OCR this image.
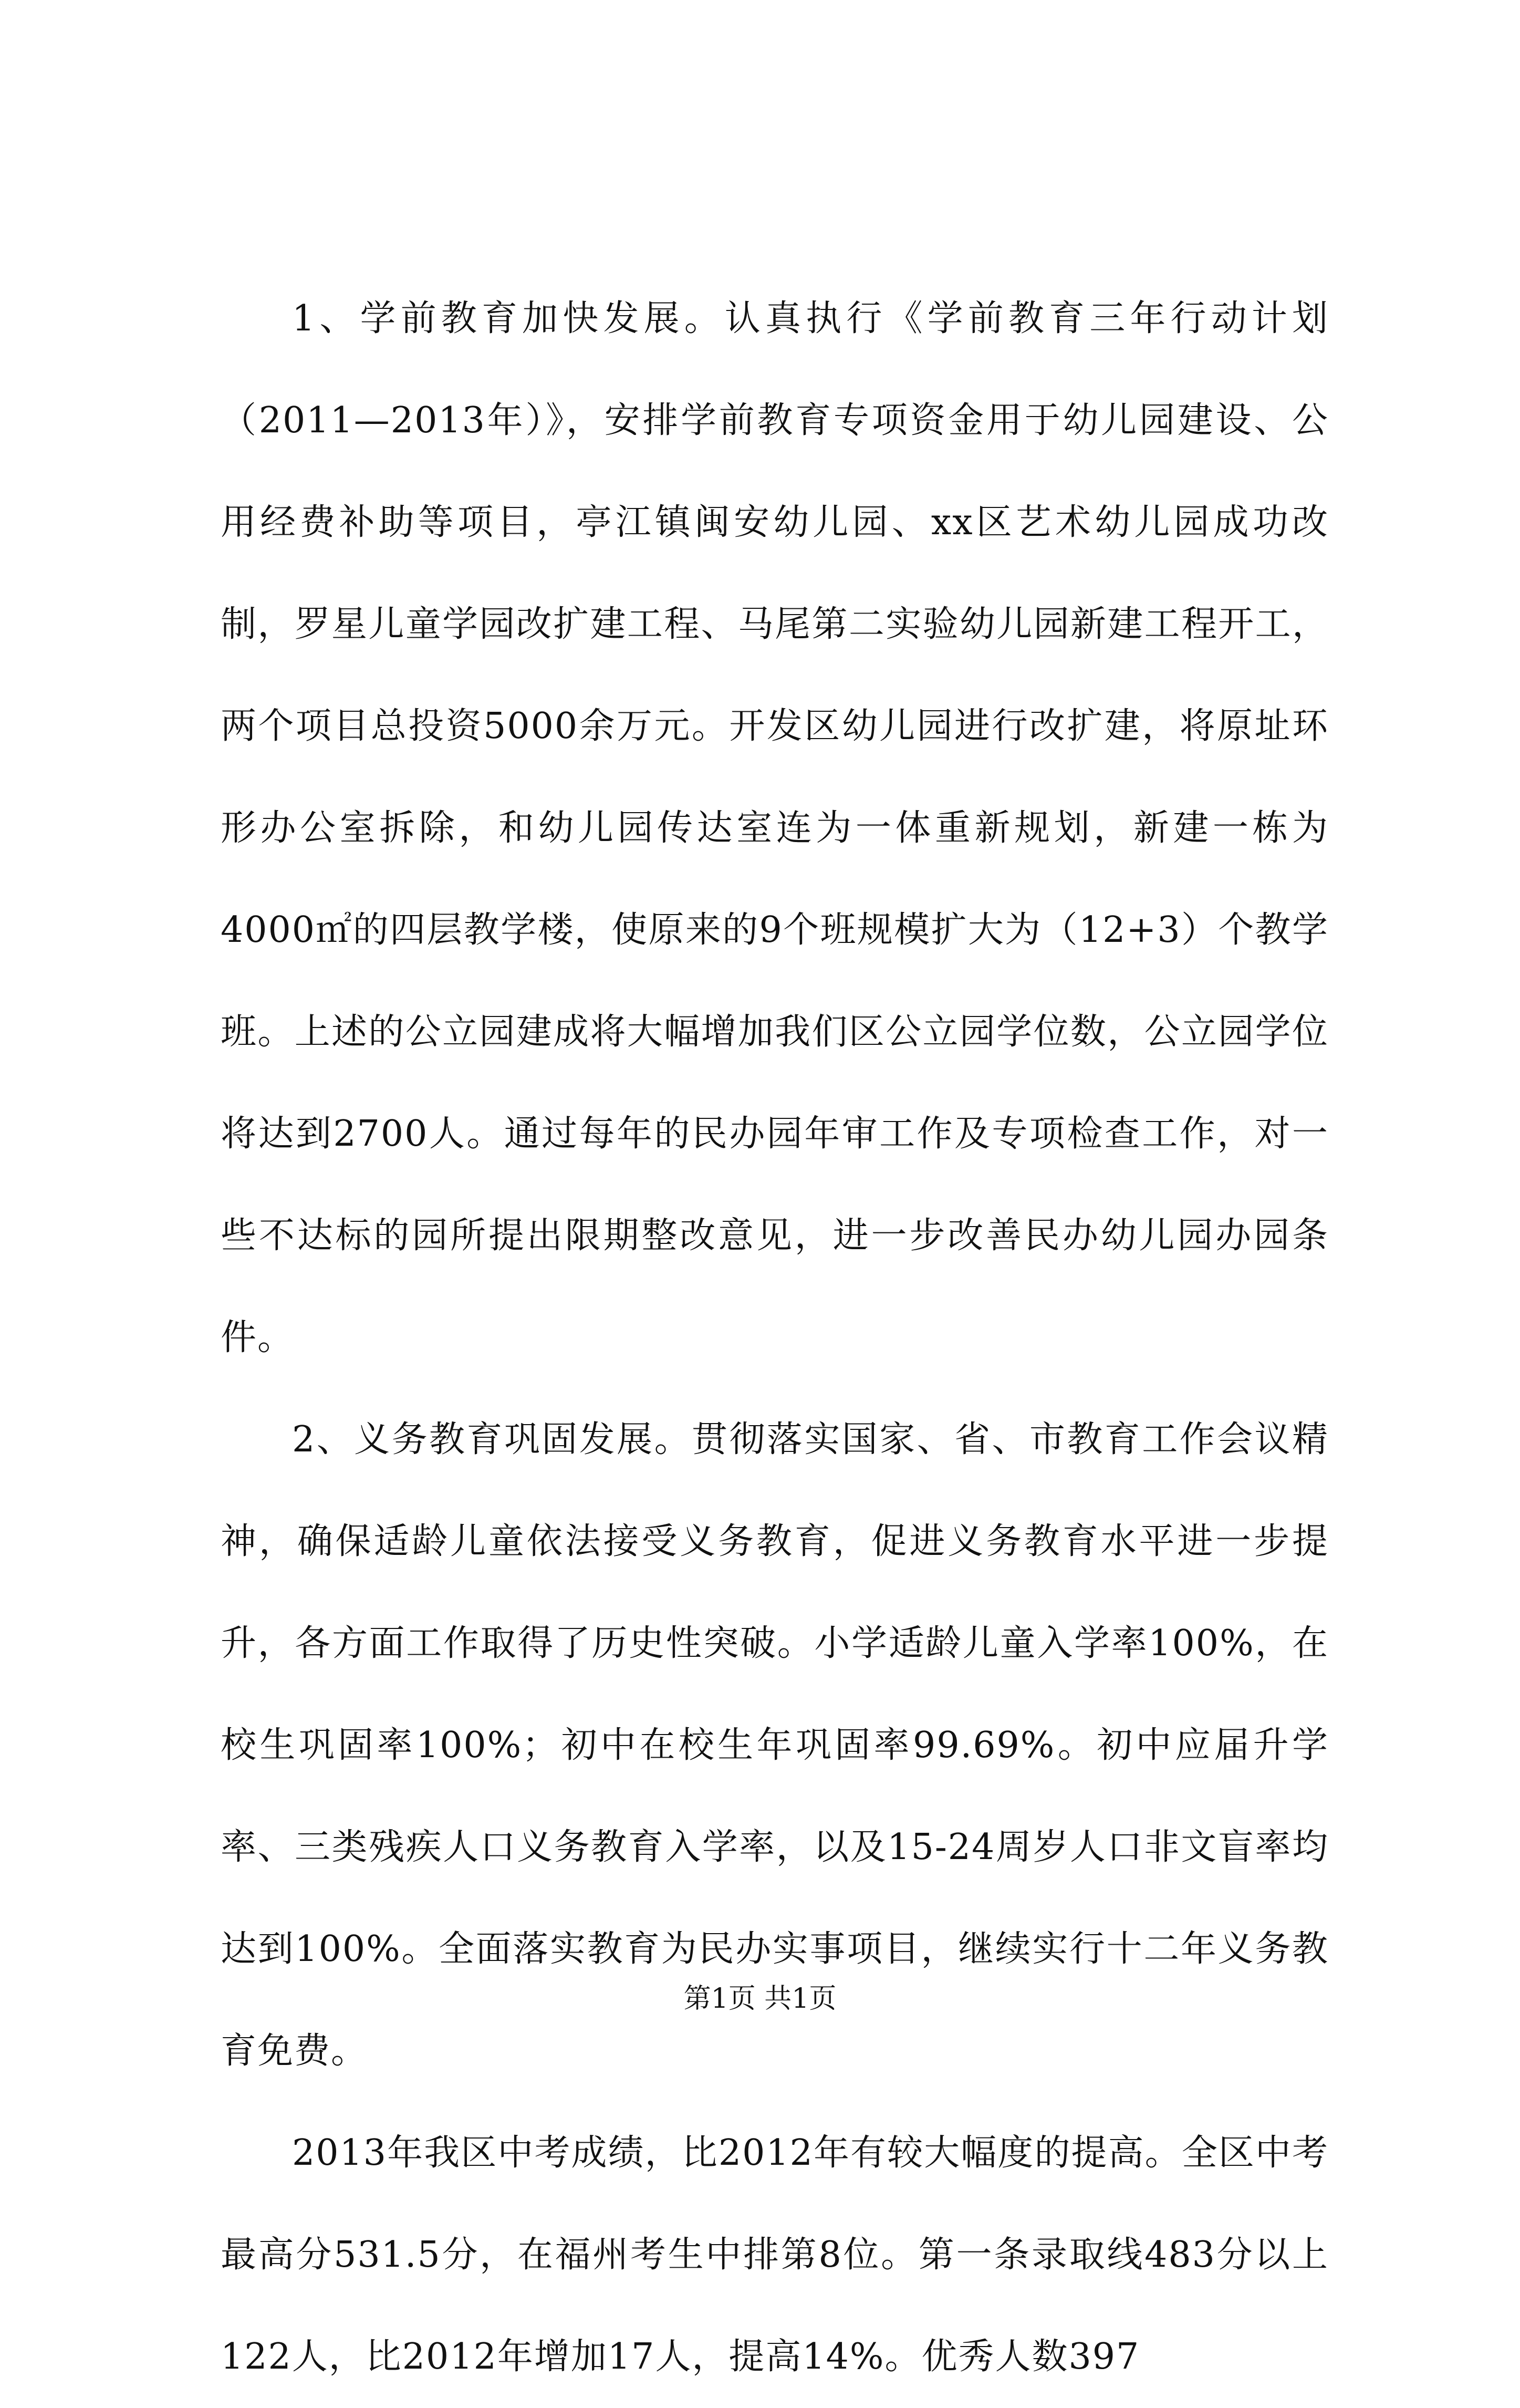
1、学前教育加快发展。认真执行《学前教育三年行动计划（2011—2013年）》，安排学前教育专项资金用于幼儿园建设、公用经费补助等项目，亭江镇闽安幼儿园、xx区艺术幼儿园成功改制，罗星儿童学园改扩建工程、马尾第二实验幼儿园新建工程开工，两个项目总投资5000余万元。开发区幼儿园进行改扩建，将原址环形办公室拆除，和幼儿园传达室连为一体重新规划，新建一栋为4000㎡的四层教学楼，使原来的9个班规模扩大为（12+3）个教学班。上述的公立园建成将大幅增加我们区公立园学位数，公立园学位将达到2700人。通过每年的民办园年审工作及专项检查工作，对一些不达标的园所提出限期整改意见，进一步改善民办幼儿园办园条件。

2、义务教育巩固发展。贯彻落实国家、省、市教育工作会议精神，确保适龄儿童依法接受义务教育，促进义务教育水平进一步提升，各方面工作取得了历史性突破。小学适龄儿童入学率100%，在校生巩固率100%；初中在校生年巩固率99.69%。初中应届升学率、三类残疾人口义务教育入学率，以及15-24周岁人口非文盲率均达到100%。全面落实教育为民办实事项目，继续实行十二年义务教育免费。

2013年我区中考成绩，比2012年有较大幅度的提高。全区中考最高分531.5分，在福州考生中排第8位。第一条录取线483分以上122人，比2012年增加17人，提高14%。优秀人数397

第1页 共1页
